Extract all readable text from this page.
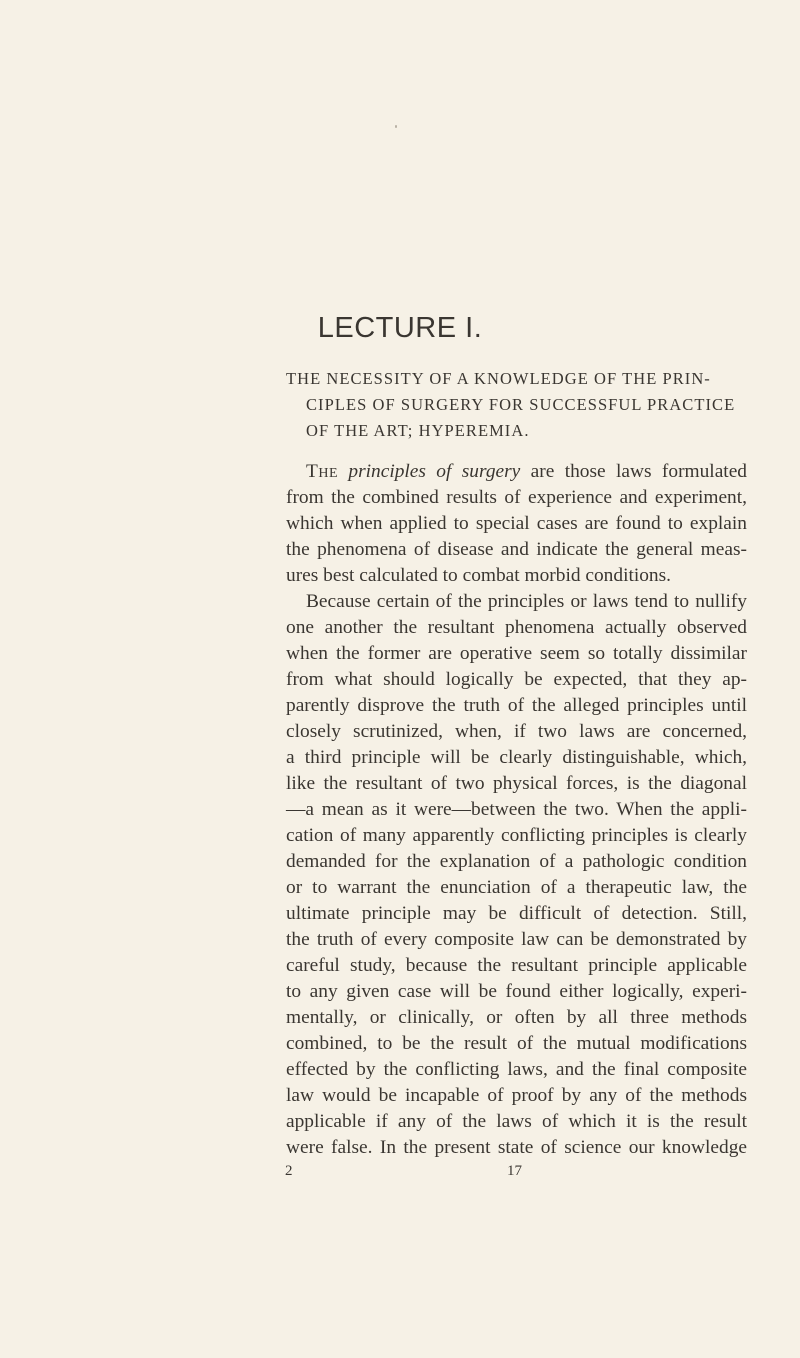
LECTURE I.
THE NECESSITY OF A KNOWLEDGE OF THE PRIN-
CIPLES OF SURGERY FOR SUCCESSFUL PRACTICE
OF THE ART; HYPEREMIA.
The principles of surgery are those laws formulated
from the combined results of experience and experiment,
which when applied to special cases are found to explain
the phenomena of disease and indicate the general meas-
ures best calculated to combat morbid conditions.
Because certain of the principles or laws tend to nullify
one another the resultant phenomena actually observed
when the former are operative seem so totally dissimilar
from what should logically be expected, that they ap-
parently disprove the truth of the alleged principles until
closely scrutinized, when, if two laws are concerned,
a third principle will be clearly distinguishable, which,
like the resultant of two physical forces, is the diagonal
—a mean as it were—between the two. When the appli-
cation of many apparently conflicting principles is clearly
demanded for the explanation of a pathologic condition
or to warrant the enunciation of a therapeutic law, the
ultimate principle may be difficult of detection. Still,
the truth of every composite law can be demonstrated by
careful study, because the resultant principle applicable
to any given case will be found either logically, experi-
mentally, or clinically, or often by all three methods
combined, to be the result of the mutual modifications
effected by the conflicting laws, and the final composite
law would be incapable of proof by any of the methods
applicable if any of the laws of which it is the result
were false. In the present state of science our knowledge
2	17
